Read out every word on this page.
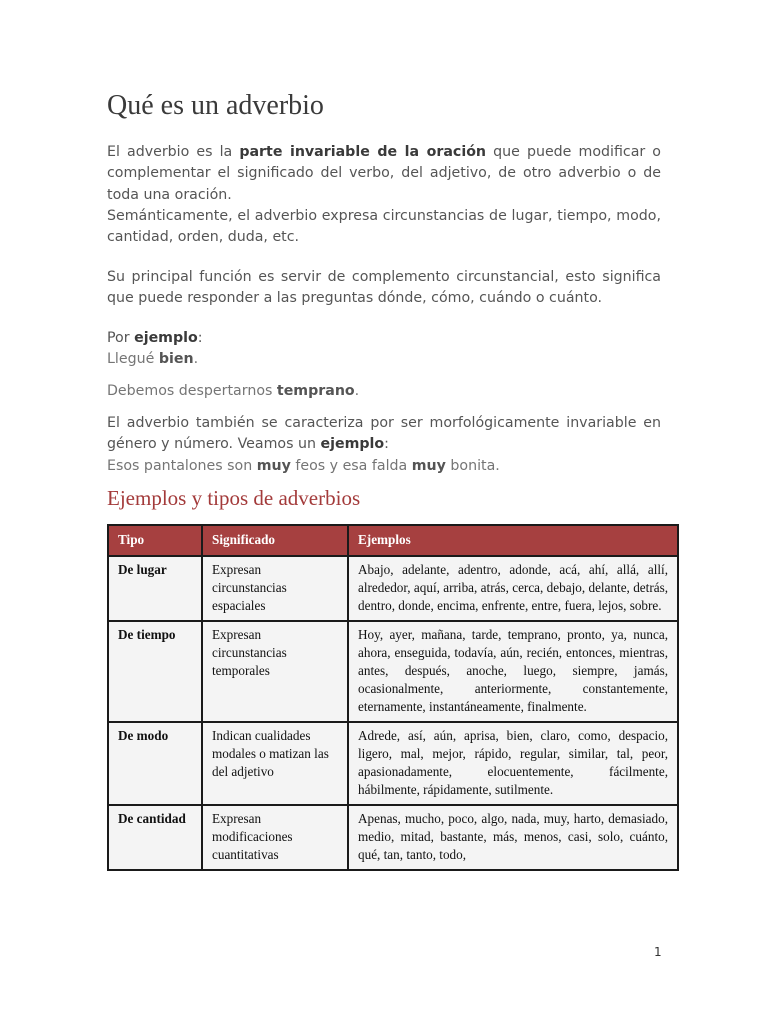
Qué es un adverbio

El adverbio es la parte invariable de la oración que puede modificar o complementar el significado del verbo, del adjetivo, de otro adverbio o de toda una oración.
Semánticamente, el adverbio expresa circunstancias de lugar, tiempo, modo, cantidad, orden, duda, etc.

Su principal función es servir de complemento circunstancial, esto significa que puede responder a las preguntas dónde, cómo, cuándo o cuánto.

Por ejemplo:
Llegué bien.

Debemos despertarnos temprano.

El adverbio también se caracteriza por ser morfológicamente invariable en género y número. Veamos un ejemplo:
Esos pantalones son muy feos y esa falda muy bonita.

Ejemplos y tipos de adverbios
Tipo	Significado	Ejemplos
De lugar	Expresan circunstancias espaciales	Abajo, adelante, adentro, adonde, acá, ahí, allá, allí, alrededor, aquí, arriba, atrás, cerca, debajo, delante, detrás, dentro, donde, encima, enfrente, entre, fuera, lejos, sobre.
De tiempo	Expresan circunstancias temporales	Hoy, ayer, mañana, tarde, temprano, pronto, ya, nunca, ahora, enseguida, todavía, aún, recién, entonces, mientras, antes, después, anoche, luego, siempre, jamás, ocasionalmente, anteriormente, constantemente, eternamente, instantáneamente, finalmente.
De modo	Indican cualidades modales o matizan las del adjetivo	Adrede, así, aún, aprisa, bien, claro, como, despacio, ligero, mal, mejor, rápido, regular, similar, tal, peor, apasionadamente, elocuentemente, fácilmente, hábilmente, rápidamente, sutilmente.
De cantidad	Expresan modificaciones cuantitativas	Apenas, mucho, poco, algo, nada, muy, harto, demasiado, medio, mitad, bastante, más, menos, casi, solo, cuánto, qué, tan, tanto, todo,
1
